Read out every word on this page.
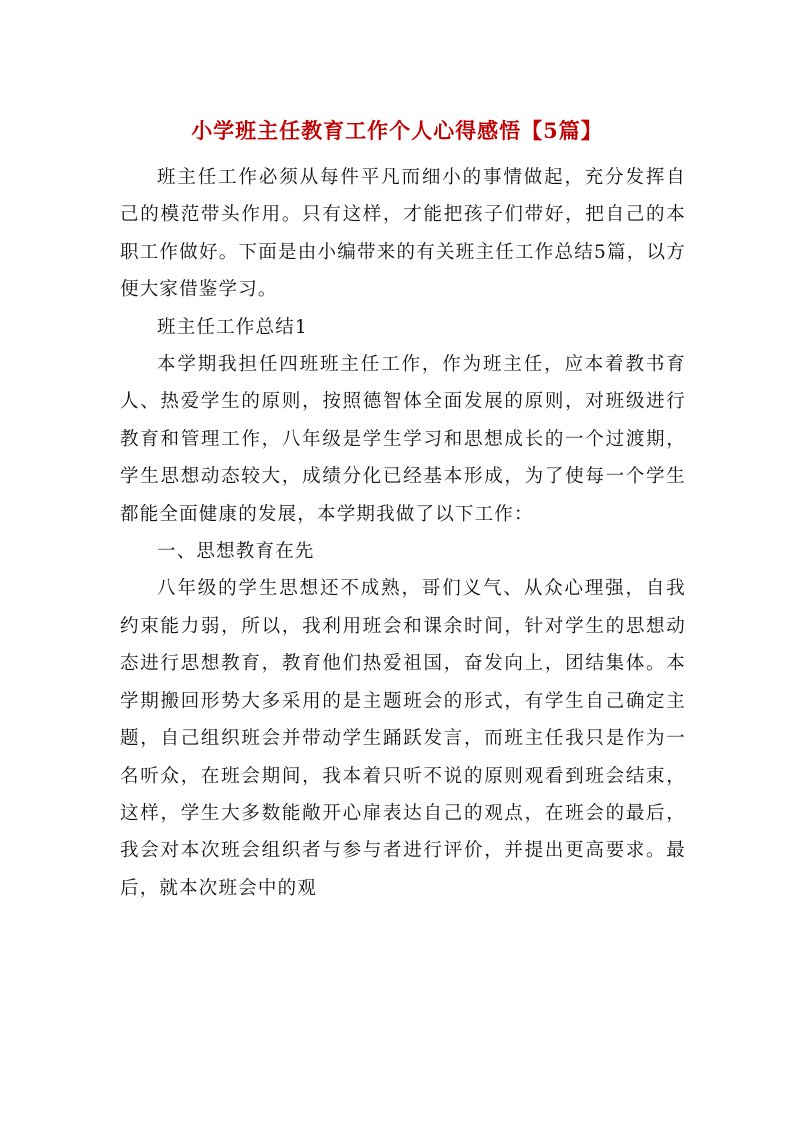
小学班主任教育工作个人心得感悟【5篇】

班主任工作必须从每件平凡而细小的事情做起，充分发挥自己的模范带头作用。只有这样，才能把孩子们带好，把自己的本职工作做好。下面是由小编带来的有关班主任工作总结5篇，以方便大家借鉴学习。

班主任工作总结1

本学期我担任四班班主任工作，作为班主任，应本着教书育人、热爱学生的原则，按照德智体全面发展的原则，对班级进行教育和管理工作，八年级是学生学习和思想成长的一个过渡期，学生思想动态较大，成绩分化已经基本形成，为了使每一个学生都能全面健康的发展，本学期我做了以下工作：

一、思想教育在先

八年级的学生思想还不成熟，哥们义气、从众心理强，自我约束能力弱，所以，我利用班会和课余时间，针对学生的思想动态进行思想教育，教育他们热爱祖国，奋发向上，团结集体。本学期搬回形势大多采用的是主题班会的形式，有学生自己确定主题，自己组织班会并带动学生踊跃发言，而班主任我只是作为一名听众，在班会期间，我本着只听不说的原则观看到班会结束，这样，学生大多数能敞开心扉表达自己的观点，在班会的最后，我会对本次班会组织者与参与者进行评价，并提出更高要求。最后，就本次班会中的观
